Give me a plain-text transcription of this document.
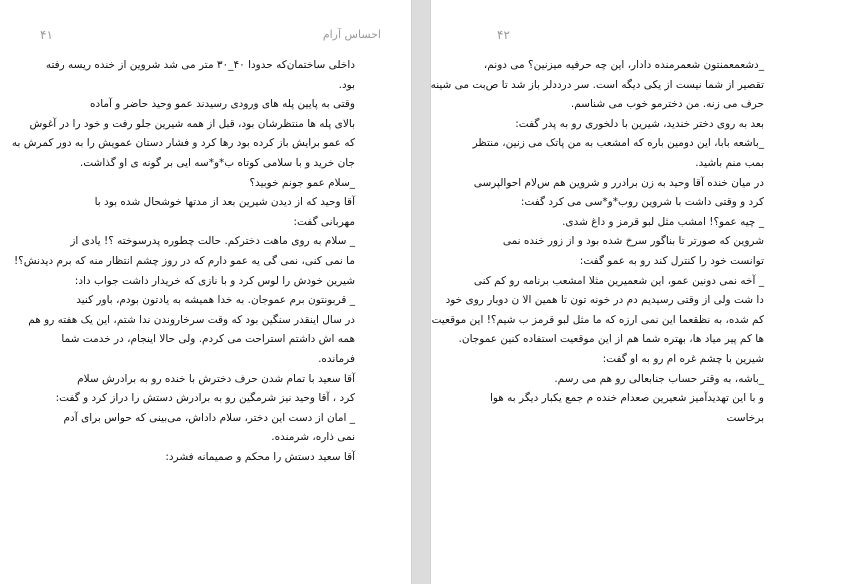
۴۱	احساس آرام
داخلی ساختمان‌که حدودا ۴۰_۳۰ متر می شد شروین از خنده ریسه رفته
بود.
وقتی به پایین پله های ورودی رسیدند عمو وحید حاضر و آماده
بالای پله ها منتظرشان بود، قبل از همه شیرین جلو رفت و خود را در آغوش
که عمو برایش باز کرده بود رها کرد و فشار دستان عمویش را به دور کمرش به
جان خرید و با سلامی کوتاه ب*و*سه ایی بر گونه ی او گذاشت.
_سلام عمو جونم خوبید؟
آقا وحید که از دیدن شیرین بعد از مدتها خوشحال شده بود با
مهربانی گفت:
_ سلام به روی ماهت دخترکم. حالت چطوره پدرسوخته ؟! یادی از
ما نمی کنی، نمی گی یه عمو دارم که در روز چشم انتظار منه که برم دیدنش؟!
شیرین خودش را لوس کرد و با نازی که خریدار داشت جواب داد:
_ قربونتون برم عموجان. به خدا همیشه به یادتون بودم، باور کنید
در سال اینقدر سنگین بود که وقت سرخاروندن ندا شتم، این یک هفته رو هم
همه اش داشتم استراحت می کردم. ولی حالا اینجام، در خدمت شما
فرمانده.
آقا سعید با تمام شدن حرف دخترش با خنده رو به برادرش سلام
کرد ، آقا وحید نیز شرمگین رو به برادرش دستش را دراز کرد و گفت:
_ امان از دست این دختر، سلام داداش، می‌بینی که حواس برای آدم
نمی ذاره، شرمنده.
آقا سعید دستش را محکم و صمیمانه فشرد:
۴۲
_دشعمعمنتون شعمرمنده دادار، این چه حرفیه میزنین؟ می دونم،
تقصیر از شما نیست از یکی دیگه است. سر درددلر باز شد تا ص‌بت می شینه
حرف می زنه. من دخترمو خوب می شناسم.
بعد به روی دختر خندید، شیرین با دلخوری رو به پدر گفت:
_باشعه بابا، این دومین باره که امشعب به من پاتک می زنین، منتظر
بمب منم باشید.
در میان خنده آقا وحید به زن برادرر و شروین هم س‌لام احوالپرسی
کرد و وقتی داشت با شروین روب*و*سی می کرد گفت:
_ چیه عمو؟! امشب مثل لبو قرمز و داغ شدی.
شروین که صورتر تا بناگور سرخ شده بود و از زور خنده نمی
توانست خود را کنترل کند رو به عمو گفت:
_ آخه نمی دونین عمو، این شعمیرین مثلا امشعب برنامه رو کم کنی
دا شت ولی از وقتی رسیدیم دم در خونه تون تا همین الا ن دوبار روی خود
کم شده، به نظقعما این نمی ارزه که ما مثل لبو قرمز ب شیم؟! این موقعیت
ها کم پیر میاد ها، بهتره شما هم از این موقعیت استفاده کنین عموجان.
شیرین با چشم غره ام رو به او گفت:
_باشه، به وقتر حساب جنابعالی رو هم می رسم.
و با این تهدیدآمیز شعیرین صعدام خنده م جمع یکبار دیگر به هوا
برخاست
